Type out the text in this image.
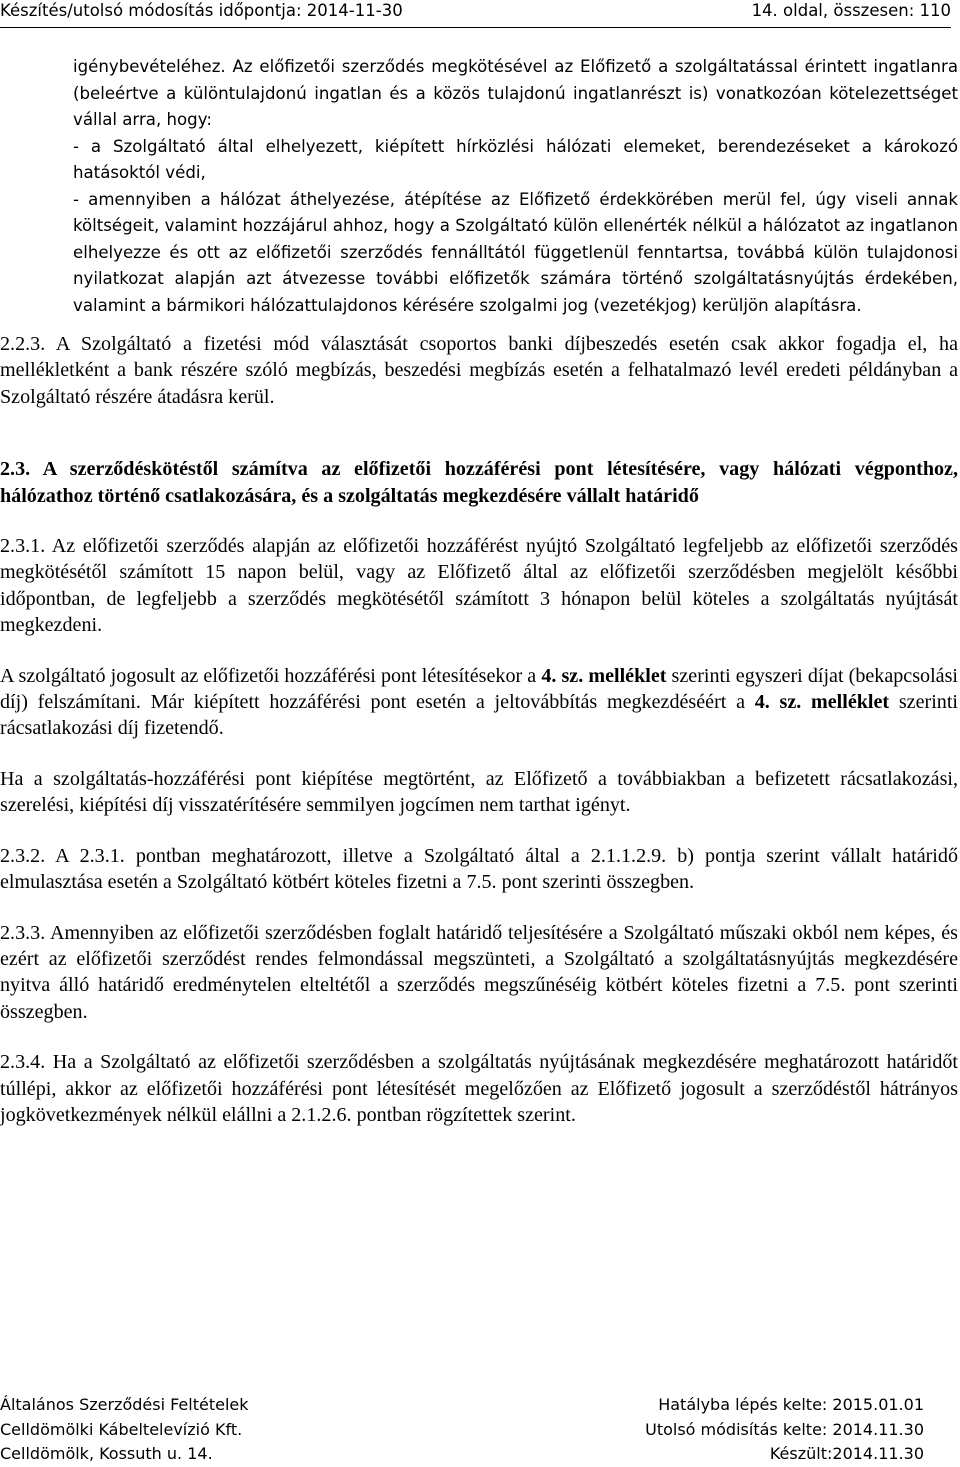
Készítés/utolsó módosítás időpontja: 2014-11-30	14. oldal, összesen: 110

igénybevételéhez. Az előfizetői szerződés megkötésével az Előfizető a szolgáltatással érintett ingatlanra (beleértve a különtulajdonú ingatlan és a közös tulajdonú ingatlanrészt is) vonatkozóan kötelezettséget vállal arra, hogy:

- a Szolgáltató által elhelyezett, kiépített hírközlési hálózati elemeket, berendezéseket a károkozó hatásoktól védi,

- amennyiben a hálózat áthelyezése, átépítése az Előfizető érdekkörében merül fel, úgy viseli annak költségeit, valamint hozzájárul ahhoz, hogy a Szolgáltató külön ellenérték nélkül a hálózatot az ingatlanon elhelyezze és ott az előfizetői szerződés fennálltától függetlenül fenntartsa, továbbá külön tulajdonosi nyilatkozat alapján azt átvezesse további előfizetők számára történő szolgáltatásnyújtás érdekében, valamint a bármikori hálózattulajdonos kérésére szolgalmi jog (vezetékjog) kerüljön alapításra.

2.2.3. A Szolgáltató a fizetési mód választását csoportos banki díjbeszedés esetén csak akkor fogadja el, ha mellékletként a bank részére szóló megbízás, beszedési megbízás esetén a felhatalmazó levél eredeti példányban a Szolgáltató részére átadásra kerül.

2.3. A szerződéskötéstől számítva az előfizetői hozzáférési pont létesítésére, vagy hálózati végponthoz, hálózathoz történő csatlakozására, és a szolgáltatás megkezdésére vállalt határidő

2.3.1. Az előfizetői szerződés alapján az előfizetői hozzáférést nyújtó Szolgáltató legfeljebb az előfizetői szerződés megkötésétől számított 15 napon belül, vagy az Előfizető által az előfizetői szerződésben megjelölt későbbi időpontban, de legfeljebb a szerződés megkötésétől számított 3 hónapon belül köteles a szolgáltatás nyújtását megkezdeni.

A szolgáltató jogosult az előfizetői hozzáférési pont létesítésekor a 4. sz. melléklet szerinti egyszeri díjat (bekapcsolási díj) felszámítani. Már kiépített hozzáférési pont esetén a jeltovábbítás megkezdéséért a 4. sz. melléklet szerinti rácsatlakozási díj fizetendő.

Ha a szolgáltatás-hozzáférési pont kiépítése megtörtént, az Előfizető a továbbiakban a befizetett rácsatlakozási, szerelési, kiépítési díj visszatérítésére semmilyen jogcímen nem tarthat igényt.

2.3.2. A 2.3.1. pontban meghatározott, illetve a Szolgáltató által a 2.1.1.2.9. b) pontja szerint vállalt határidő elmulasztása esetén a Szolgáltató kötbért köteles fizetni a 7.5. pont szerinti összegben.

2.3.3. Amennyiben az előfizetői szerződésben foglalt határidő teljesítésére a Szolgáltató műszaki okból nem képes, és ezért az előfizetői szerződést rendes felmondással megszünteti, a Szolgáltató a szolgáltatásnyújtás megkezdésére nyitva álló határidő eredménytelen elteltétől a szerződés megszűnéséig kötbért köteles fizetni a 7.5. pont szerinti összegben.

2.3.4. Ha a Szolgáltató az előfizetői szerződésben a szolgáltatás nyújtásának megkezdésére meghatározott határidőt túllépi, akkor az előfizetői hozzáférési pont létesítését megelőzően az Előfizető jogosult a szerződéstől hátrányos jogkövetkezmények nélkül elállni a 2.1.2.6. pontban rögzítettek szerint.

Általános Szerződési Feltételek	Hatálybа lépés kelte: 2015.01.01
Celldömölki Kábeltelevízió Kft.	Utolsó módisítás kelte: 2014.11.30
Celldömölk, Kossuth u. 14.	Készült:2014.11.30
